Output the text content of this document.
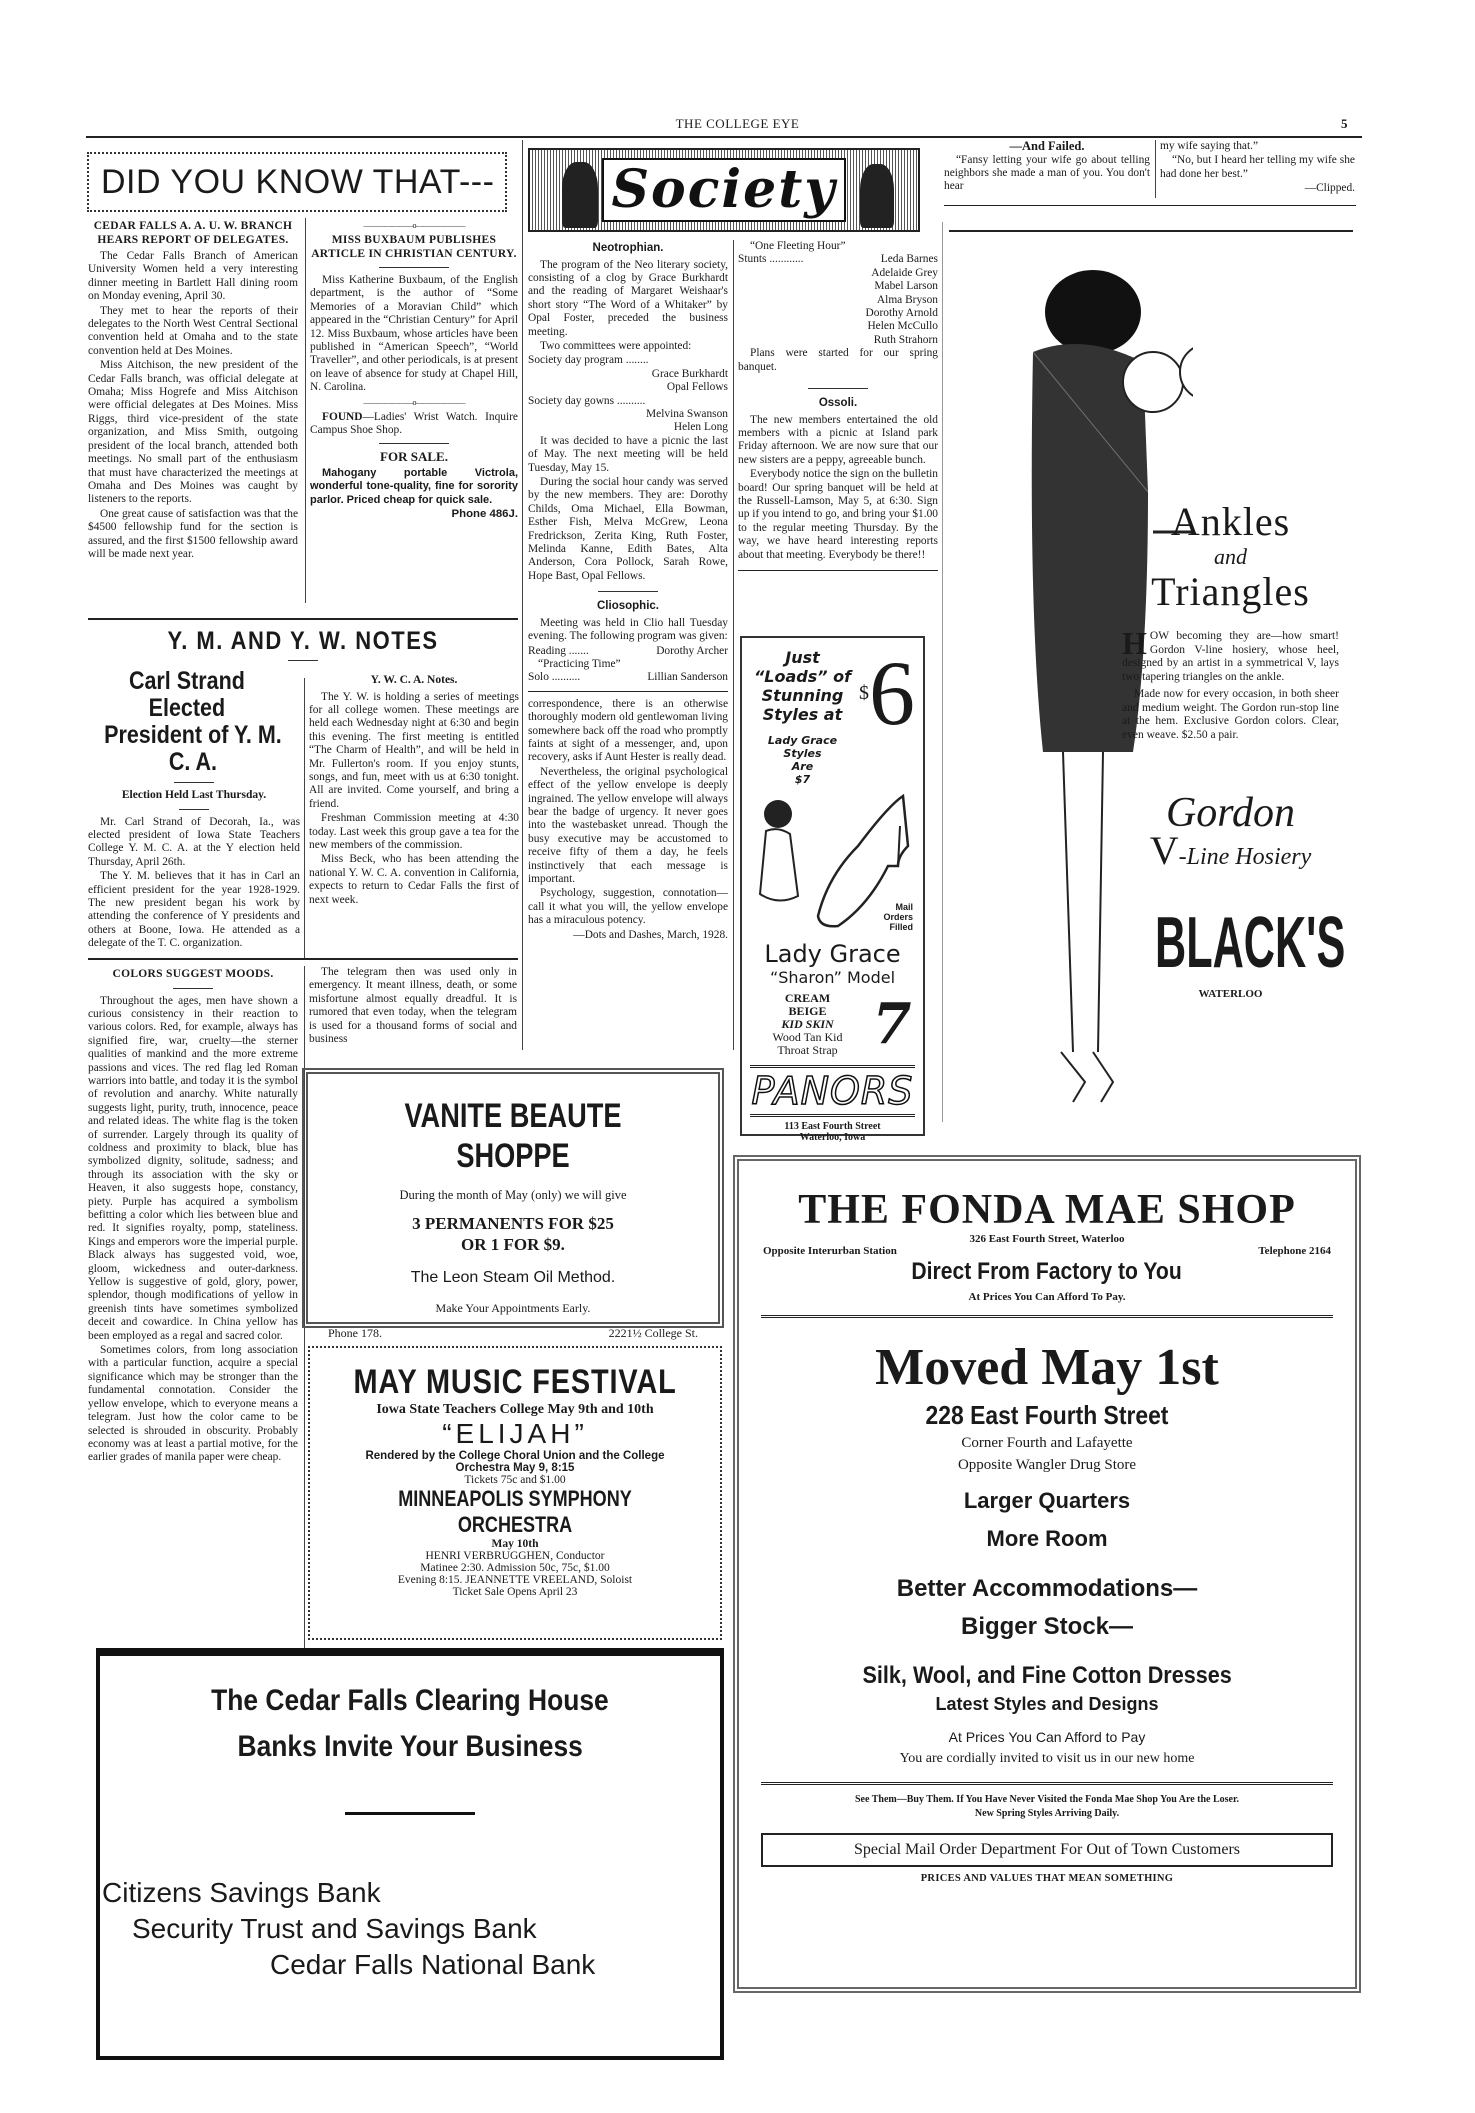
THE COLLEGE EYE	5
DID YOU KNOW THAT---
CEDAR FALLS A. A. U. W. BRANCH HEARS REPORT OF DELEGATES.

The Cedar Falls Branch of American University Women held a very interesting dinner meeting in Bartlett Hall dining room on Monday evening, April 30.

They met to hear the reports of their delegates to the North West Central Sectional convention held at Omaha and to the state convention held at Des Moines.

Miss Aitchison, the new president of the Cedar Falls branch, was official delegate at Omaha; Miss Hogrefe and Miss Aitchison were official delegates at Des Moines. Miss Riggs, third vice-president of the state organization, and Miss Smith, outgoing president of the local branch, attended both meetings. No small part of the enthusiasm that must have characterized the meetings at Omaha and Des Moines was caught by listeners to the reports.

One great cause of satisfaction was that the $4500 fellowship fund for the section is assured, and the first $1500 fellowship award will be made next year.

———————o———————
MISS BUXBAUM PUBLISHES ARTICLE IN CHRISTIAN CENTURY.

Miss Katherine Buxbaum, of the English department, is the author of “Some Memories of a Moravian Child” which appeared in the “Christian Century” for April 12. Miss Buxbaum, whose articles have been published in “American Speech”, “World Traveller”, and other periodicals, is at present on leave of absence for study at Chapel Hill, N. Carolina.

———————o———————

FOUND—Ladies' Wrist Watch. Inquire Campus Shoe Shop.

FOR SALE.

Mahogany portable Victrola, wonderful tone-quality, fine for sorority parlor. Priced cheap for quick sale.

Phone 486J.
Y. M. AND Y. W. NOTES
Carl Strand Elected
President of Y. M. C. A.
Election Held Last Thursday.

Mr. Carl Strand of Decorah, Ia., was elected president of Iowa State Teachers College Y. M. C. A. at the Y election held Thursday, April 26th.

The Y. M. believes that it has in Carl an efficient president for the year 1928-1929. The new president began his work by attending the conference of Y presidents and others at Boone, Iowa. He attended as a delegate of the T. C. organization.

Y. W. C. A. Notes.

The Y. W. is holding a series of meetings for all college women. These meetings are held each Wednesday night at 6:30 and begin this evening. The first meeting is entitled “The Charm of Health”, and will be held in Mr. Fullerton's room. If you enjoy stunts, songs, and fun, meet with us at 6:30 tonight. All are invited. Come yourself, and bring a friend.

Freshman Commission meeting at 4:30 today. Last week this group gave a tea for the new members of the commission.

Miss Beck, who has been attending the national Y. W. C. A. convention in California, expects to return to Cedar Falls the first of next week.

COLORS SUGGEST MOODS.

Throughout the ages, men have shown a curious consistency in their reaction to various colors. Red, for example, always has signified fire, war, cruelty—the sterner qualities of mankind and the more extreme passions and vices. The red flag led Roman warriors into battle, and today it is the symbol of revolution and anarchy. White naturally suggests light, purity, truth, innocence, peace and related ideas. The white flag is the token of surrender. Largely through its quality of coldness and proximity to black, blue has symbolized dignity, solitude, sadness; and through its association with the sky or Heaven, it also suggests hope, constancy, piety. Purple has acquired a symbolism befitting a color which lies between blue and red. It signifies royalty, pomp, stateliness. Kings and emperors wore the imperial purple. Black always has suggested void, woe, gloom, wickedness and outer-darkness. Yellow is suggestive of gold, glory, power, splendor, though modifications of yellow in greenish tints have sometimes symbolized deceit and cowardice. In China yellow has been employed as a regal and sacred color.

Sometimes colors, from long association with a particular function, acquire a special significance which may be stronger than the fundamental connotation. Consider the yellow envelope, which to everyone means a telegram. Just how the color came to be selected is shrouded in obscurity. Probably economy was at least a partial motive, for the earlier grades of manila paper were cheap.

The telegram then was used only in emergency. It meant illness, death, or some misfortune almost equally dreadful. It is rumored that even today, when the telegram is used for a thousand forms of social and business

Society
Neotrophian.

The program of the Neo literary society, consisting of a clog by Grace Burkhardt and the reading of Margaret Weishaar's short story “The Word of a Whitaker” by Opal Foster, preceded the business meeting.

Two committees were appointed:

Society day program ........
Grace Burkhardt
Opal Fellows
Society day gowns ..........
Melvina Swanson
Helen Long

It was decided to have a picnic the last of May. The next meeting will be held Tuesday, May 15.

During the social hour candy was served by the new members. They are: Dorothy Childs, Oma Michael, Ella Bowman, Esther Fish, Melva McGrew, Leona Fredrickson, Zerita King, Ruth Foster, Melinda Kanne, Edith Bates, Alta Anderson, Cora Pollock, Sarah Rowe, Hope Bast, Opal Fellows.

Cliosophic.

Meeting was held in Clio hall Tuesday evening. The following program was given:

Reading .......	Dorothy Archer
“Practicing Time”
Solo ..........	Lillian Sanderson

correspondence, there is an otherwise thoroughly modern old gentlewoman living somewhere back off the road who promptly faints at sight of a messenger, and, upon recovery, asks if Aunt Hester is really dead.

Nevertheless, the original psychological effect of the yellow envelope is deeply ingrained. The yellow envelope will always bear the badge of urgency. It never goes into the wastebasket unread. Though the busy executive may be accustomed to receive fifty of them a day, he feels instinctively that each message is important.

Psychology, suggestion, connotation—call it what you will, the yellow envelope has a miraculous potency.

—Dots and Dashes, March, 1928.
“One Fleeting Hour”
Stunts ............	Leda Barnes
Adelaide Grey
Mabel Larson
Alma Bryson
Dorothy Arnold
Helen McCullo
Ruth Strahorn

Plans were started for our spring banquet.

Ossoli.

The new members entertained the old members with a picnic at Island park Friday afternoon. We are now sure that our new sisters are a peppy, agreeable bunch.

Everybody notice the sign on the bulletin board! Our spring banquet will be held at the Russell-Lamson, May 5, at 6:30. Sign up if you intend to go, and bring your $1.00 to the regular meeting Thursday. By the way, we have heard interesting reports about that meeting. Everybody be there!!

Just
“Loads” of
Stunning
Styles at
Lady Grace
Styles
Are
$7
$6
Mail
Orders
Filled
Lady Grace
“Sharon” Model
CREAM
BEIGE
KID SKIN
Wood Tan Kid
Throat Strap 7
PANORS
113 East Fourth Street
Waterloo, Iowa
—And Failed.

“Fansy letting your wife go about telling neighbors she made a man of you. You don't hear

my wife saying that.”

“No, but I heard her telling my wife she had done her best.”

—Clipped.
Ankles
and
Triangles
HOW becoming they are—how smart! Gordon V-line hosiery, whose heel, designed by an artist in a symmetrical V, lays two tapering triangles on the ankle.

Made now for every occasion, in both sheer and medium weight. The Gordon run-stop line at the hem. Exclusive Gordon colors. Clear, even weave. $2.50 a pair.

Gordon
V-Line Hosiery
BLACK'S
WATERLOO
VANITE BEAUTE SHOPPE
During the month of May (only) we will give
3 PERMANENTS FOR $25
OR 1 FOR $9.
The Leon Steam Oil Method.
Make Your Appointments Early.
Phone 178.	2221½ College St.
MAY MUSIC FESTIVAL
Iowa State Teachers College May 9th and 10th
“ELIJAH”
Rendered by the College Choral Union and the College
Orchestra May 9, 8:15
Tickets 75c and $1.00
MINNEAPOLIS SYMPHONY ORCHESTRA
May 10th
HENRI VERBRUGGHEN, Conductor
Matinee 2:30. Admission 50c, 75c, $1.00
Evening 8:15. JEANNETTE VREELAND, Soloist
Ticket Sale Opens April 23
The Cedar Falls Clearing House
Banks Invite Your Business
Citizens Savings Bank
Security Trust and Savings Bank
Cedar Falls National Bank
THE FONDA MAE SHOP
326 East Fourth Street, Waterloo
Opposite Interurban Station	Telephone 2164
Direct From Factory to You
At Prices You Can Afford To Pay.
Moved May 1st
228 East Fourth Street
Corner Fourth and Lafayette
Opposite Wangler Drug Store
Larger Quarters
More Room
Better Accommodations—
Bigger Stock—
Silk, Wool, and Fine Cotton Dresses
Latest Styles and Designs
At Prices You Can Afford to Pay
You are cordially invited to visit us in our new home
See Them—Buy Them. If You Have Never Visited the Fonda Mae Shop You Are the Loser.
New Spring Styles Arriving Daily.
Special Mail Order Department For Out of Town Customers
PRICES AND VALUES THAT MEAN SOMETHING
